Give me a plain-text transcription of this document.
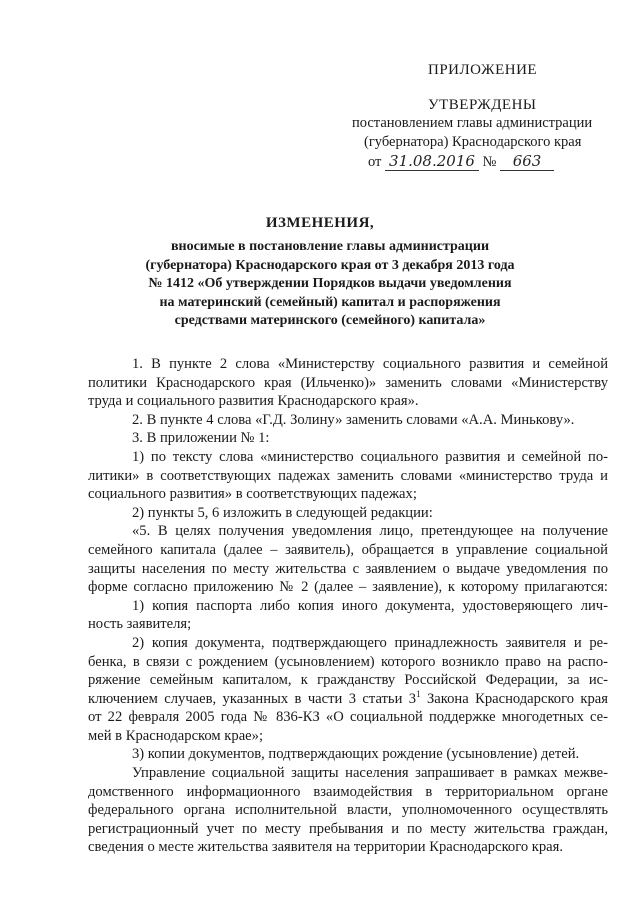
ПРИЛОЖЕНИЕ
УТВЕРЖДЕНЫ
постановлением главы администрации
(губернатора) Краснодарского края
от 31.08.2016 № 663
ИЗМЕНЕНИЯ,
вносимые в постановление главы администрации
(губернатора) Краснодарского края от 3 декабря 2013 года
№ 1412 «Об утверждении Порядков выдачи уведомления
на материнский (семейный) капитал и распоряжения
средствами материнского (семейного) капитала»
1. В пункте 2 слова «Министерству социального развития и семейной
политики Краснодарского края (Ильченко)» заменить словами «Министерству
труда и социального развития Краснодарского края».
2. В пункте 4 слова «Г.Д. Золину» заменить словами «А.А. Минькову».
3. В приложении № 1:
1) по тексту слова «министерство социального развития и семейной по-
литики» в соответствующих падежах заменить словами «министерство труда и
социального развития» в соответствующих падежах;
2) пункты 5, 6 изложить в следующей редакции:
«5. В целях получения уведомления лицо, претендующее на получение
семейного капитала (далее – заявитель), обращается в управление социальной
защиты населения по месту жительства с заявлением о выдаче уведомления по
форме согласно приложению № 2 (далее – заявление), к которому прилагаются:
1) копия паспорта либо копия иного документа, удостоверяющего лич-
ность заявителя;
2) копия документа, подтверждающего принадлежность заявителя и ре-
бенка, в связи с рождением (усыновлением) которого возникло право на распо-
ряжение семейным капиталом, к гражданству Российской Федерации, за ис-
ключением случаев, указанных в части 3 статьи $3^1$ Закона Краснодарского края
от 22 февраля 2005 года № 836-КЗ «О социальной поддержке многодетных се-
мей в Краснодарском крае»;
3) копии документов, подтверждающих рождение (усыновление) детей.
Управление социальной защиты населения запрашивает в рамках межве-
домственного информационного взаимодействия в территориальном органе
федерального органа исполнительной власти, уполномоченного осуществлять
регистрационный учет по месту пребывания и по месту жительства граждан,
сведения о месте жительства заявителя на территории Краснодарского края.
